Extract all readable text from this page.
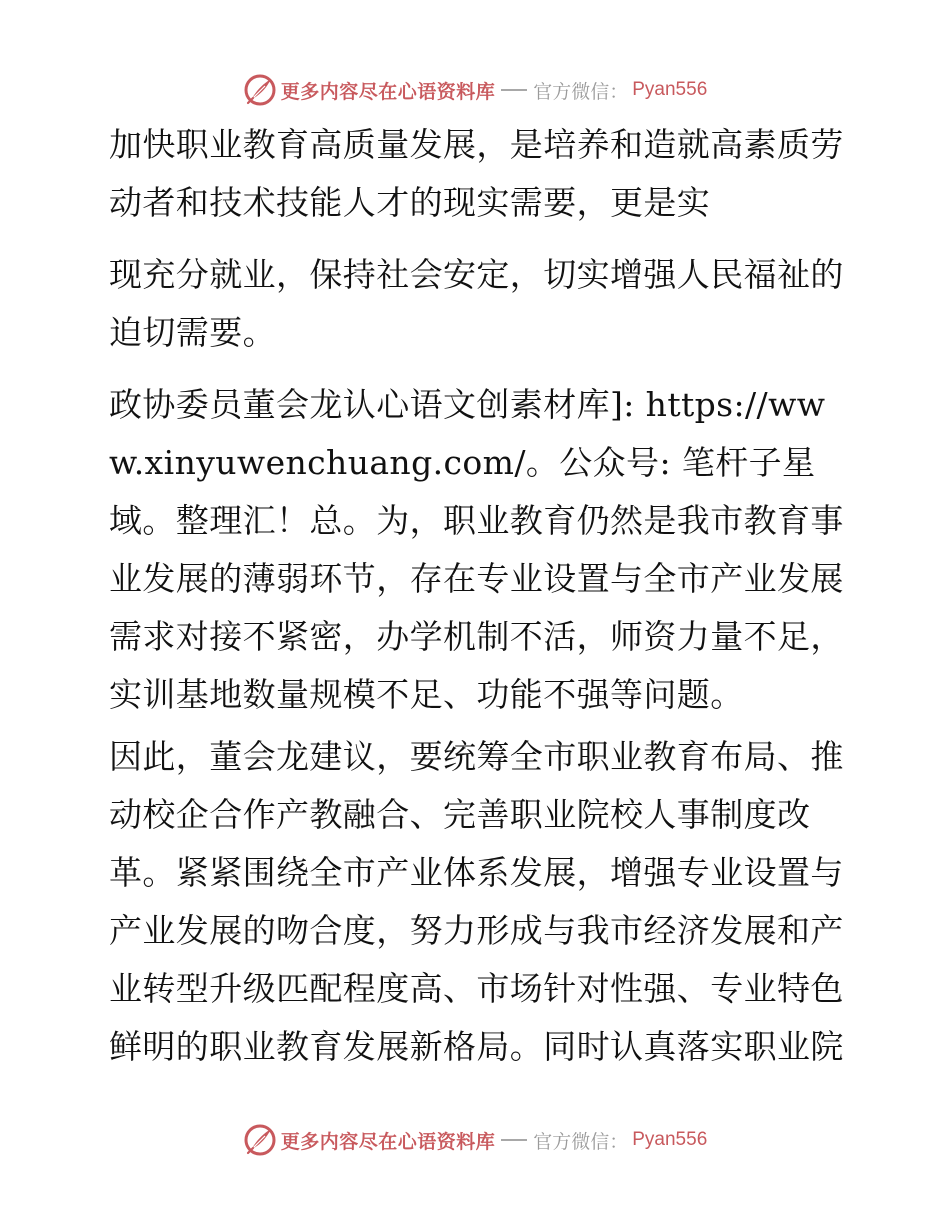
更多内容尽在心语资料库 官方微信： Pyan556

加快职业教育高质量发展，是培养和造就高素质劳动者和技术技能人才的现实需要，更是实

现充分就业，保持社会安定，切实增强人民福祉的迫切需要。

政协委员董会龙认心语文创素材库]: https://www.xinyuwenchuang.com/。公众号: 笔杆子星域。整理汇！总。为，职业教育仍然是我市教育事业发展的薄弱环节，存在专业设置与全市产业发展需求对接不紧密，办学机制不活，师资力量不足，实训基地数量规模不足、功能不强等问题。

因此，董会龙建议，要统筹全市职业教育布局、推动校企合作产教融合、完善职业院校人事制度改革。紧紧围绕全市产业体系发展，增强专业设置与产业发展的吻合度，努力形成与我市经济发展和产业转型升级匹配程度高、市场针对性强、专业特色鲜明的职业教育发展新格局。同时认真落实职业院

更多内容尽在心语资料库 官方微信： Pyan556
